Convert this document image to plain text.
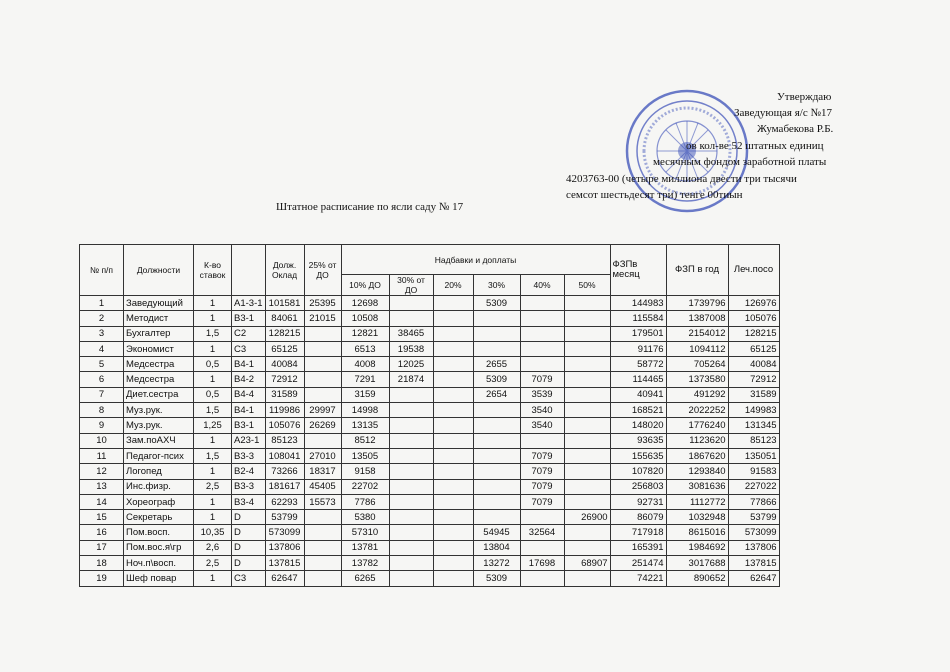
Утверждаю
Заведующая я/с №17
Жумабекова Р.Б.
ов кол-ве 52 штатных единиц
месячным фондом заработной платы
4203763-00 (четыре миллиона двести три тысячи
семсот шестьдесят три) тенге 00тиын
Штатное расписание по ясли саду № 17
№ п/п	Должности	К-во ставок		Долж. Оклад	25% от ДО	Надбавки и доплаты						ФЗПв месяц	ФЗП в год	Леч.посо
						10% ДО	30% от ДО	20%	30%	40%	50%			
1	Заведующий	1	А1-3-1	101581	25395	12698			5309			144983	1739796	126976
2	Методист	1	В3-1	84061	21015	10508						115584	1387008	105076
3	Бухгалтер	1,5	С2	128215		12821	38465					179501	2154012	128215
4	Экономист	1	С3	65125		6513	19538					91176	1094112	65125
5	Медсестра	0,5	В4-1	40084		4008	12025		2655			58772	705264	40084
6	Медсестра	1	В4-2	72912		7291	21874		5309	7079		114465	1373580	72912
7	Диет.сестра	0,5	В4-4	31589		3159			2654	3539		40941	491292	31589
8	Муз.рук.	1,5	В4-1	119986	29997	14998				3540		168521	2022252	149983
9	Муз.рук.	1,25	В3-1	105076	26269	13135				3540		148020	1776240	131345
10	Зам.поАХЧ	1	А23-1	85123		8512						93635	1123620	85123
11	Педагог-псих	1,5	В3-3	108041	27010	13505				7079		155635	1867620	135051
12	Логопед	1	В2-4	73266	18317	9158				7079		107820	1293840	91583
13	Инс.физр.	2,5	В3-3	181617	45405	22702				7079		256803	3081636	227022
14	Хореограф	1	В3-4	62293	15573	7786				7079		92731	1112772	77866
15	Секретарь	1	D	53799		5380					26900	86079	1032948	53799
16	Пом.восп.	10,35	D	573099		57310			54945	32564		717918	8615016	573099
17	Пом.вос.я\гр	2,6	D	137806		13781			13804			165391	1984692	137806
18	Ноч.п\восп.	2,5	D	137815		13782			13272	17698	68907	251474	3017688	137815
19	Шеф повар	1	С3	62647		6265			5309			74221	890652	62647
